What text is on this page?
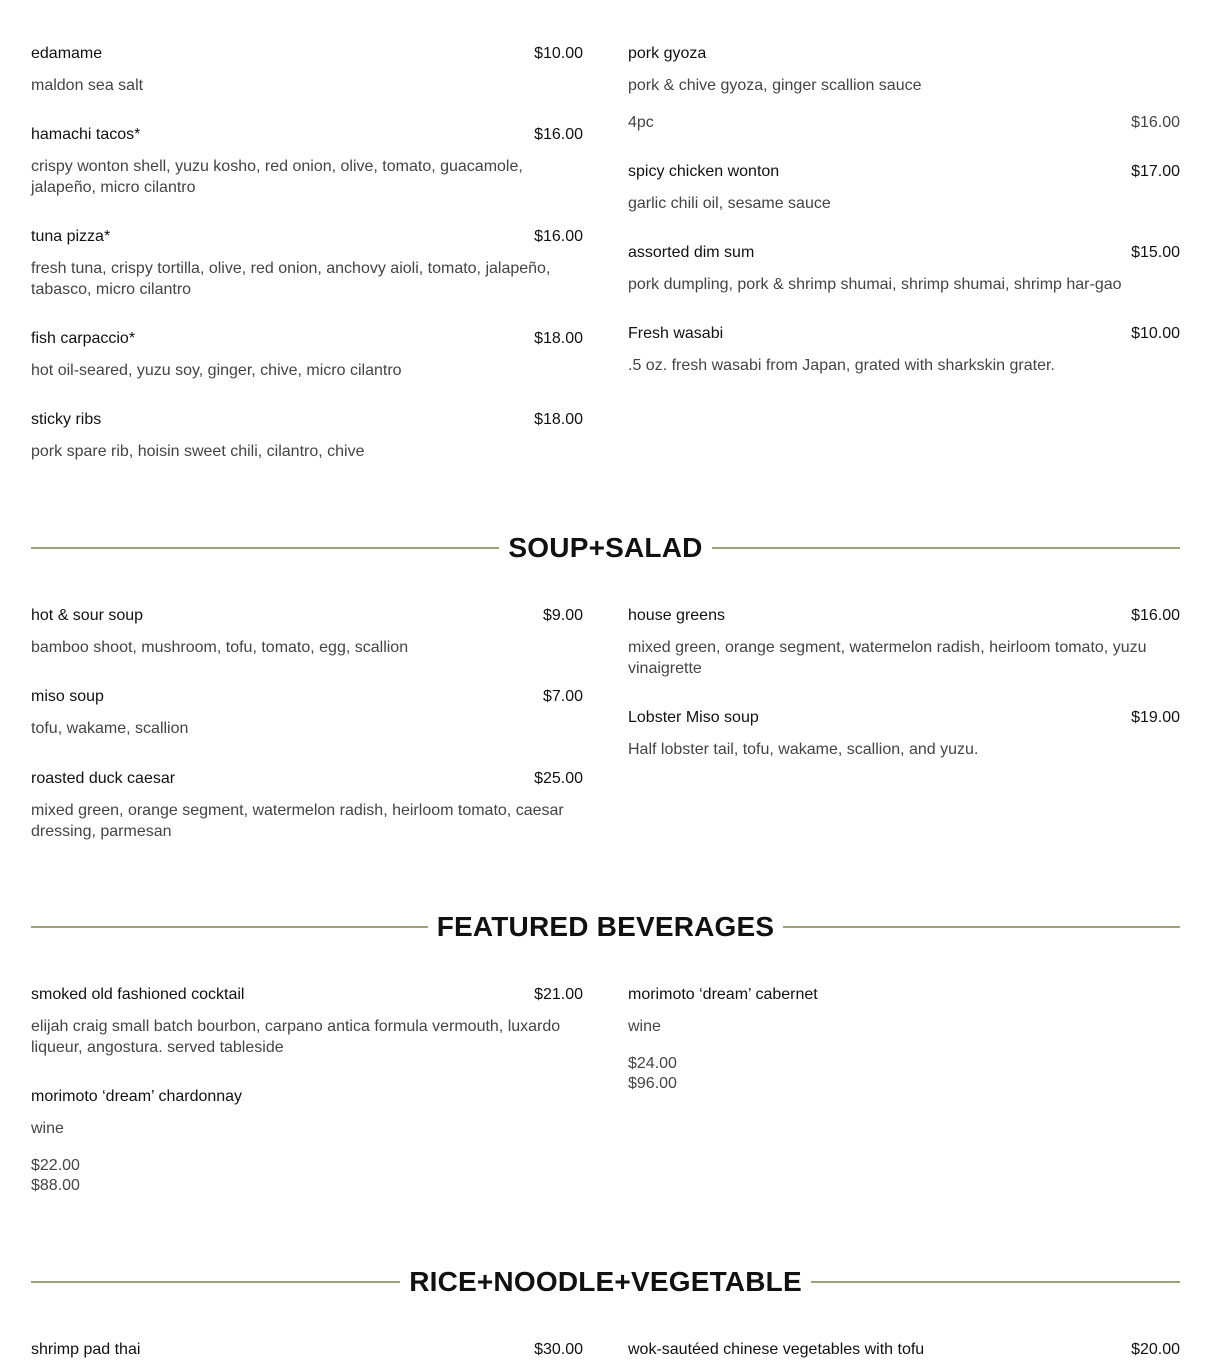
edamame	$10.00
maldon sea salt
hamachi tacos*	$16.00
crispy wonton shell, yuzu kosho, red onion, olive, tomato, guacamole, jalapeño, micro cilantro
tuna pizza*	$16.00
fresh tuna, crispy tortilla, olive, red onion, anchovy aioli, tomato, jalapeño, tabasco, micro cilantro
fish carpaccio*	$18.00
hot oil-seared, yuzu soy, ginger, chive, micro cilantro
sticky ribs	$18.00
pork spare rib, hoisin sweet chili, cilantro, chive
pork gyoza
pork & chive gyoza, ginger scallion sauce
4pc	$16.00
spicy chicken wonton	$17.00
garlic chili oil, sesame sauce
assorted dim sum	$15.00
pork dumpling, pork & shrimp shumai, shrimp shumai, shrimp har-gao
Fresh wasabi	$10.00
.5 oz. fresh wasabi from Japan, grated with sharkskin grater.
SOUP+SALAD
hot & sour soup	$9.00
bamboo shoot, mushroom, tofu, tomato, egg, scallion
miso soup	$7.00
tofu, wakame, scallion
roasted duck caesar	$25.00
mixed green, orange segment, watermelon radish, heirloom tomato, caesar dressing, parmesan
house greens	$16.00
mixed green, orange segment, watermelon radish, heirloom tomato, yuzu vinaigrette
Lobster Miso soup	$19.00
Half lobster tail, tofu, wakame, scallion, and yuzu.
FEATURED BEVERAGES
smoked old fashioned cocktail	$21.00
elijah craig small batch bourbon, carpano antica formula vermouth, luxardo liqueur, angostura. served tableside
morimoto ‘dream’ chardonnay
wine
$22.00
$88.00
morimoto ‘dream’ cabernet
wine
$24.00
$96.00
RICE+NOODLE+VEGETABLE
shrimp pad thai	$30.00	wok-sautéed chinese vegetables with tofu	$20.00
